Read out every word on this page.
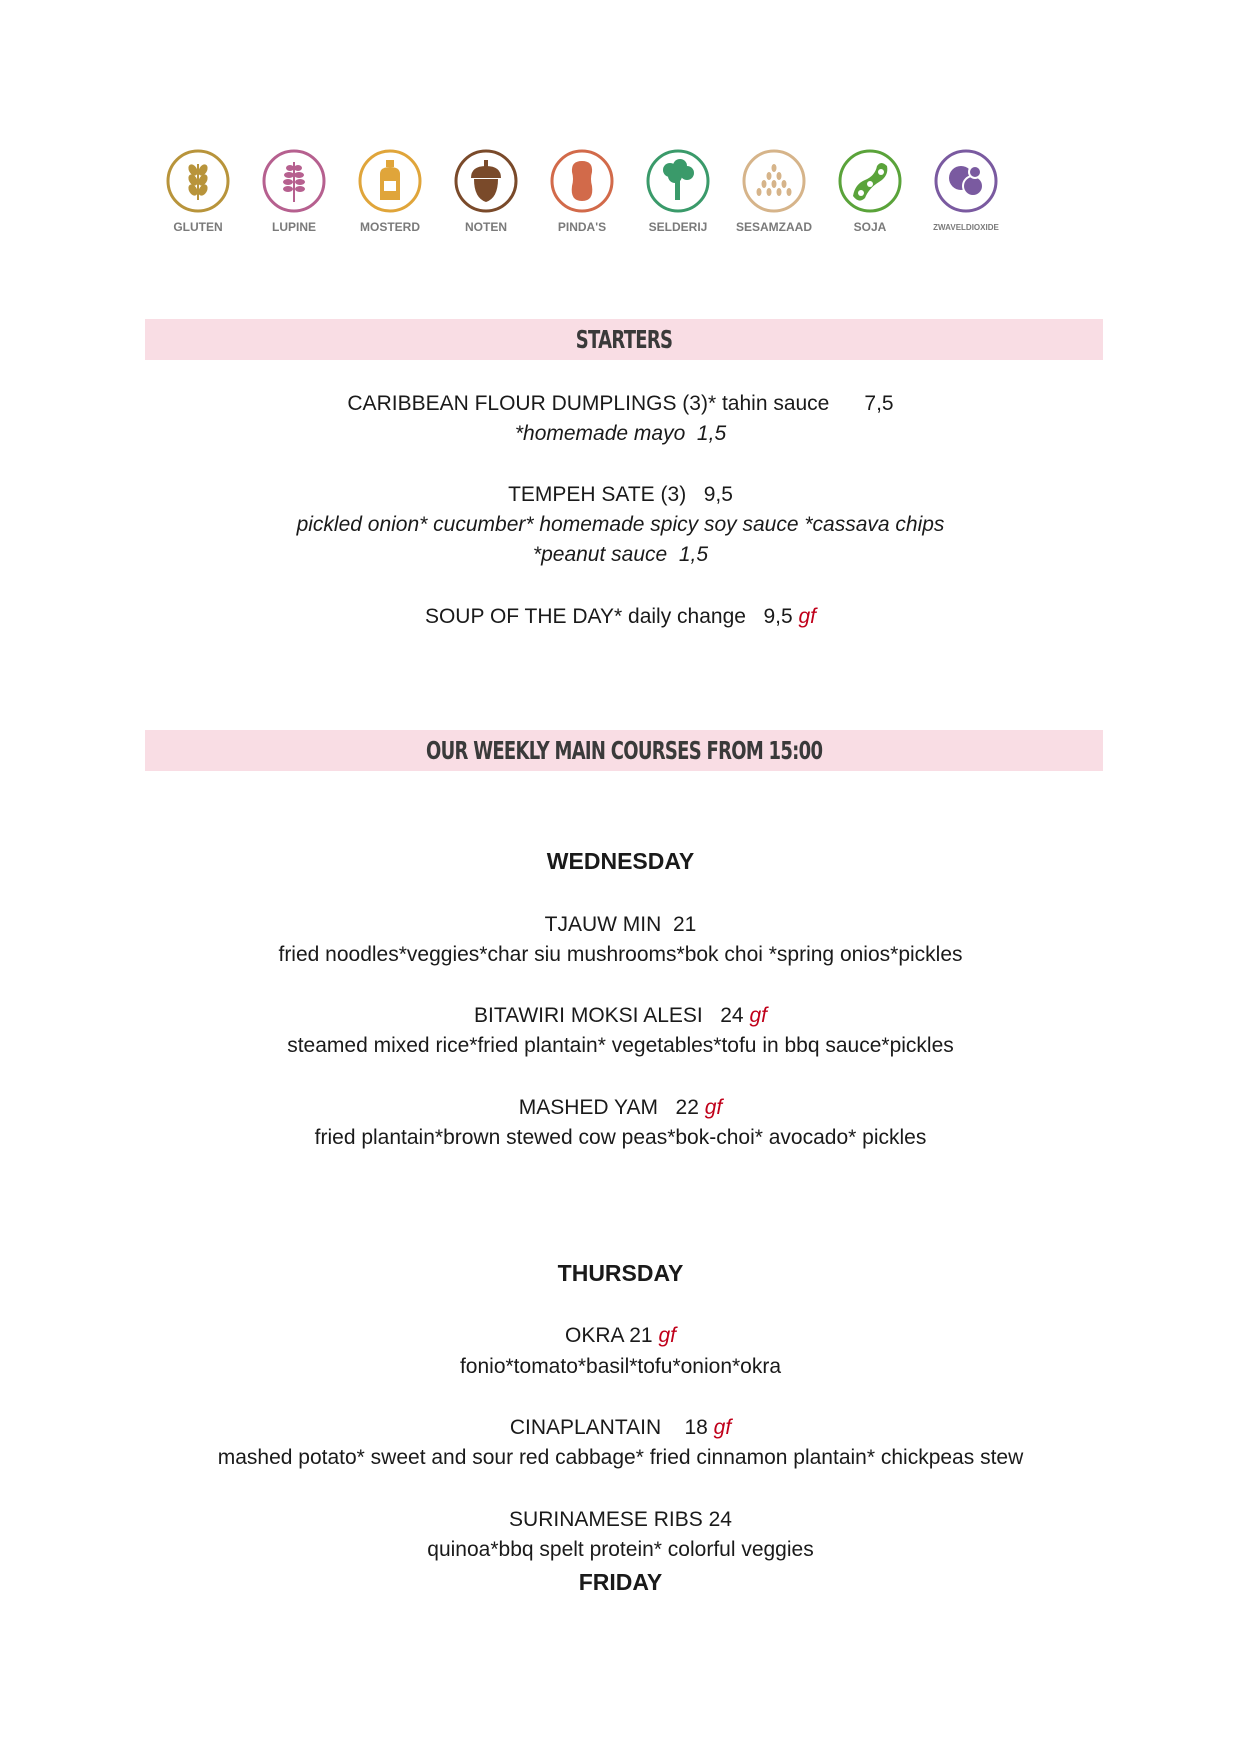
GLUTEN	LUPINE	MOSTERD	NOTEN	PINDA'S	SELDERIJ SESAMZAAD	SOJA	ZWAVELDIOXIDE
STARTERS
CARIBBEAN FLOUR DUMPLINGS (3)* tahin sauce 7,5
*homemade mayo  1,5
TEMPEH SATE (3) 9,5
pickled onion* cucumber* homemade spicy soy sauce *cassava chips
*peanut sauce  1,5
SOUP OF THE DAY* daily change 9,5 gf
OUR WEEKLY MAIN COURSES FROM 15:00
WEDNESDAY
TJAUW MIN 21
fried noodles*veggies*char siu mushrooms*bok choi *spring onios*pickles
BITAWIRI MOKSI ALESI 24 gf
steamed mixed rice*fried plantain* vegetables*tofu in bbq sauce*pickles
MASHED YAM 22 gf
fried plantain*brown stewed cow peas*bok-choi* avocado* pickles
THURSDAY
OKRA 21 gf
fonio*tomato*basil*tofu*onion*okra
CINAPLANTAIN 18 gf
mashed potato* sweet and sour red cabbage* fried cinnamon plantain* chickpeas stew
SURINAMESE RIBS 24
quinoa*bbq spelt protein* colorful veggies
FRIDAY
